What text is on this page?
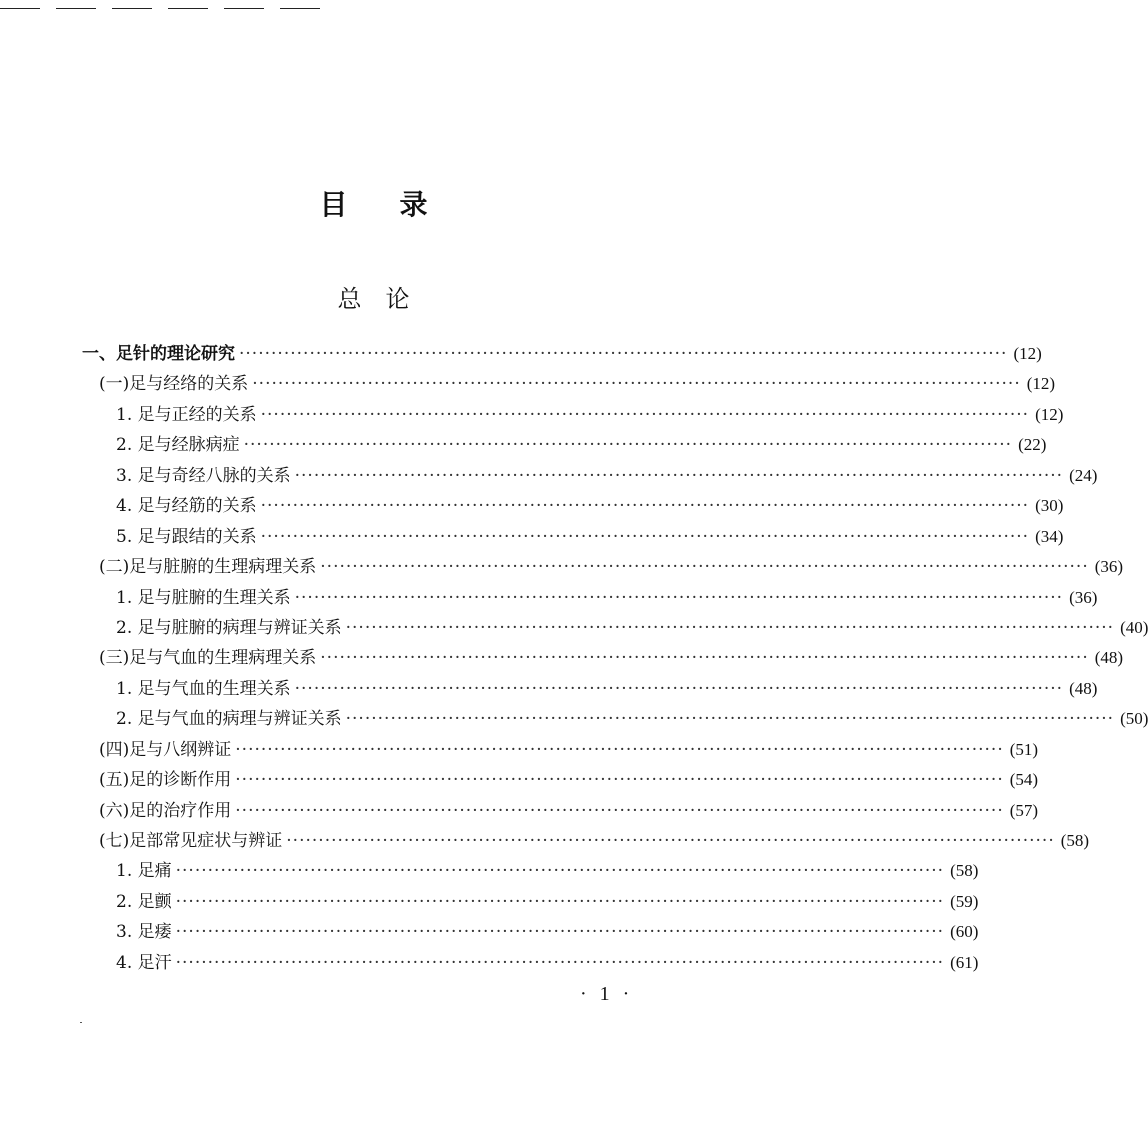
目 录
总 论
一、足针的理论研究 ························································································································ (12)
(一)足与经络的关系 ························································································································ (12)
1. 足与正经的关系 ························································································································ (12)
2. 足与经脉病症 ························································································································ (22)
3. 足与奇经八脉的关系 ························································································································ (24)
4. 足与经筋的关系 ························································································································ (30)
5. 足与跟结的关系 ························································································································ (34)
(二)足与脏腑的生理病理关系 ························································································································ (36)
1. 足与脏腑的生理关系 ························································································································ (36)
2. 足与脏腑的病理与辨证关系 ························································································································ (40)
(三)足与气血的生理病理关系 ························································································································ (48)
1. 足与气血的生理关系 ························································································································ (48)
2. 足与气血的病理与辨证关系 ························································································································ (50)
(四)足与八纲辨证 ························································································································ (51)
(五)足的诊断作用 ························································································································ (54)
(六)足的治疗作用 ························································································································ (57)
(七)足部常见症状与辨证 ························································································································ (58)
1. 足痛 ························································································································ (58)
2. 足颤 ························································································································ (59)
3. 足痿 ························································································································ (60)
4. 足汗 ························································································································ (61)
· 1 ·
